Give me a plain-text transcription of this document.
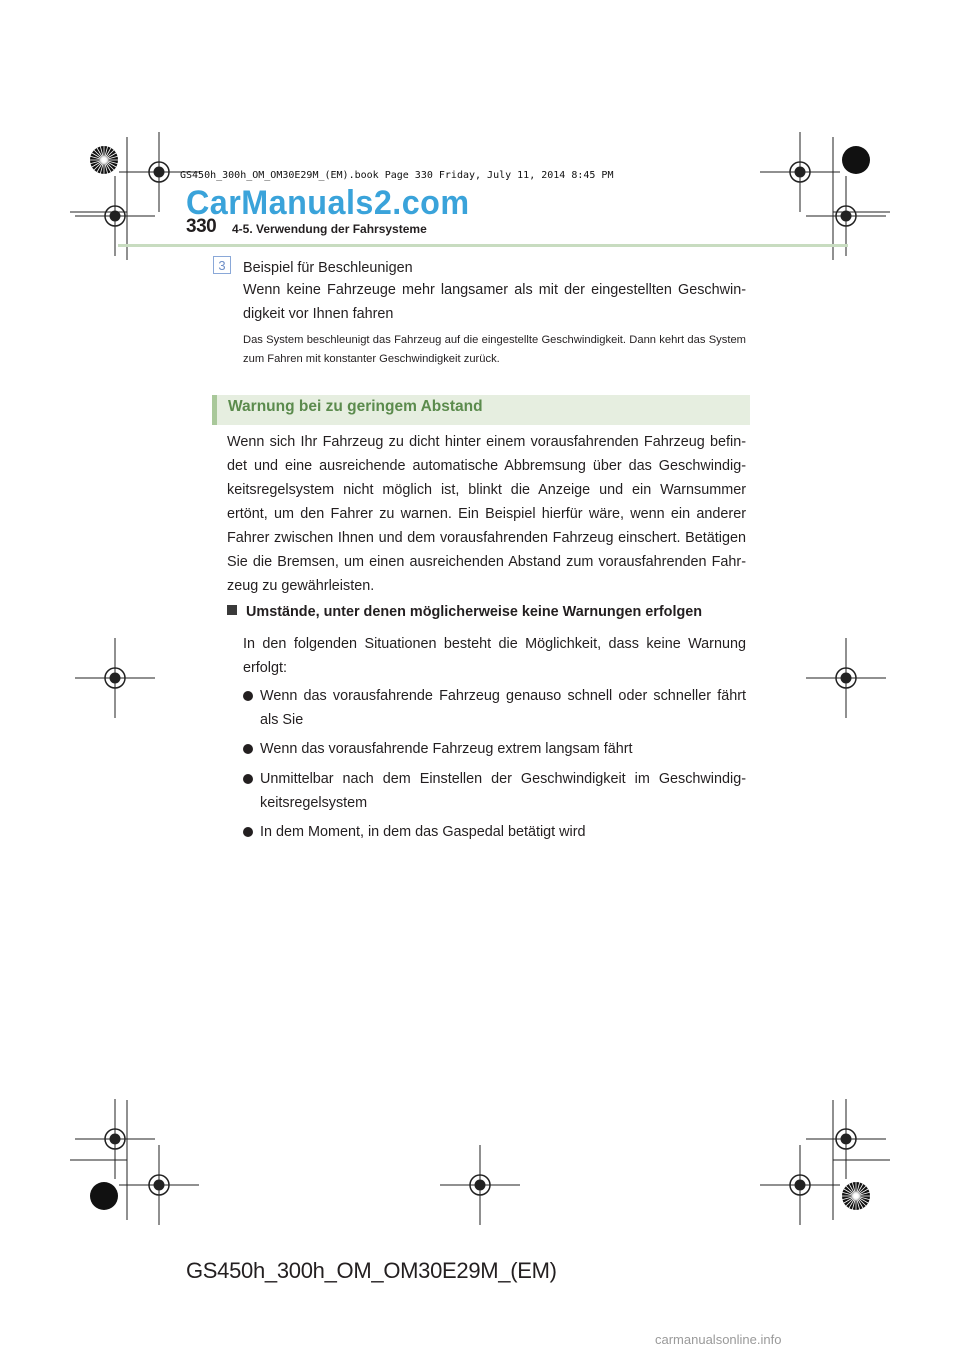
GS450h_300h_OM_OM30E29M_(EM).book Page 330 Friday, July 11, 2014 8:45 PM
CarManuals2.com
330 4-5. Verwendung der Fahrsysteme
3	Beispiel für Beschleunigen
Wenn keine Fahrzeuge mehr langsamer als mit der eingestellten Geschwin-digkeit vor Ihnen fahren
Das System beschleunigt das Fahrzeug auf die eingestellte Geschwindigkeit. Dann kehrt das System zum Fahren mit konstanter Geschwindigkeit zurück.
Warnung bei zu geringem Abstand
Wenn sich Ihr Fahrzeug zu dicht hinter einem vorausfahrenden Fahrzeug befin-det und eine ausreichende automatische Abbremsung über das Geschwindig-keitsregelsystem nicht möglich ist, blinkt die Anzeige und ein Warnsummer ertönt, um den Fahrer zu warnen. Ein Beispiel hierfür wäre, wenn ein anderer Fahrer zwischen Ihnen und dem vorausfahrenden Fahrzeug einschert. Betätigen Sie die Bremsen, um einen ausreichenden Abstand zum vorausfahrenden Fahr-zeug zu gewährleisten.
Umstände, unter denen möglicherweise keine Warnungen erfolgen
In den folgenden Situationen besteht die Möglichkeit, dass keine Warnung erfolgt:
Wenn das vorausfahrende Fahrzeug genauso schnell oder schneller fährt als Sie
Wenn das vorausfahrende Fahrzeug extrem langsam fährt
Unmittelbar nach dem Einstellen der Geschwindigkeit im Geschwindig-keitsregelsystem
In dem Moment, in dem das Gaspedal betätigt wird
GS450h_300h_OM_OM30E29M_(EM)
carmanualsonline.info
